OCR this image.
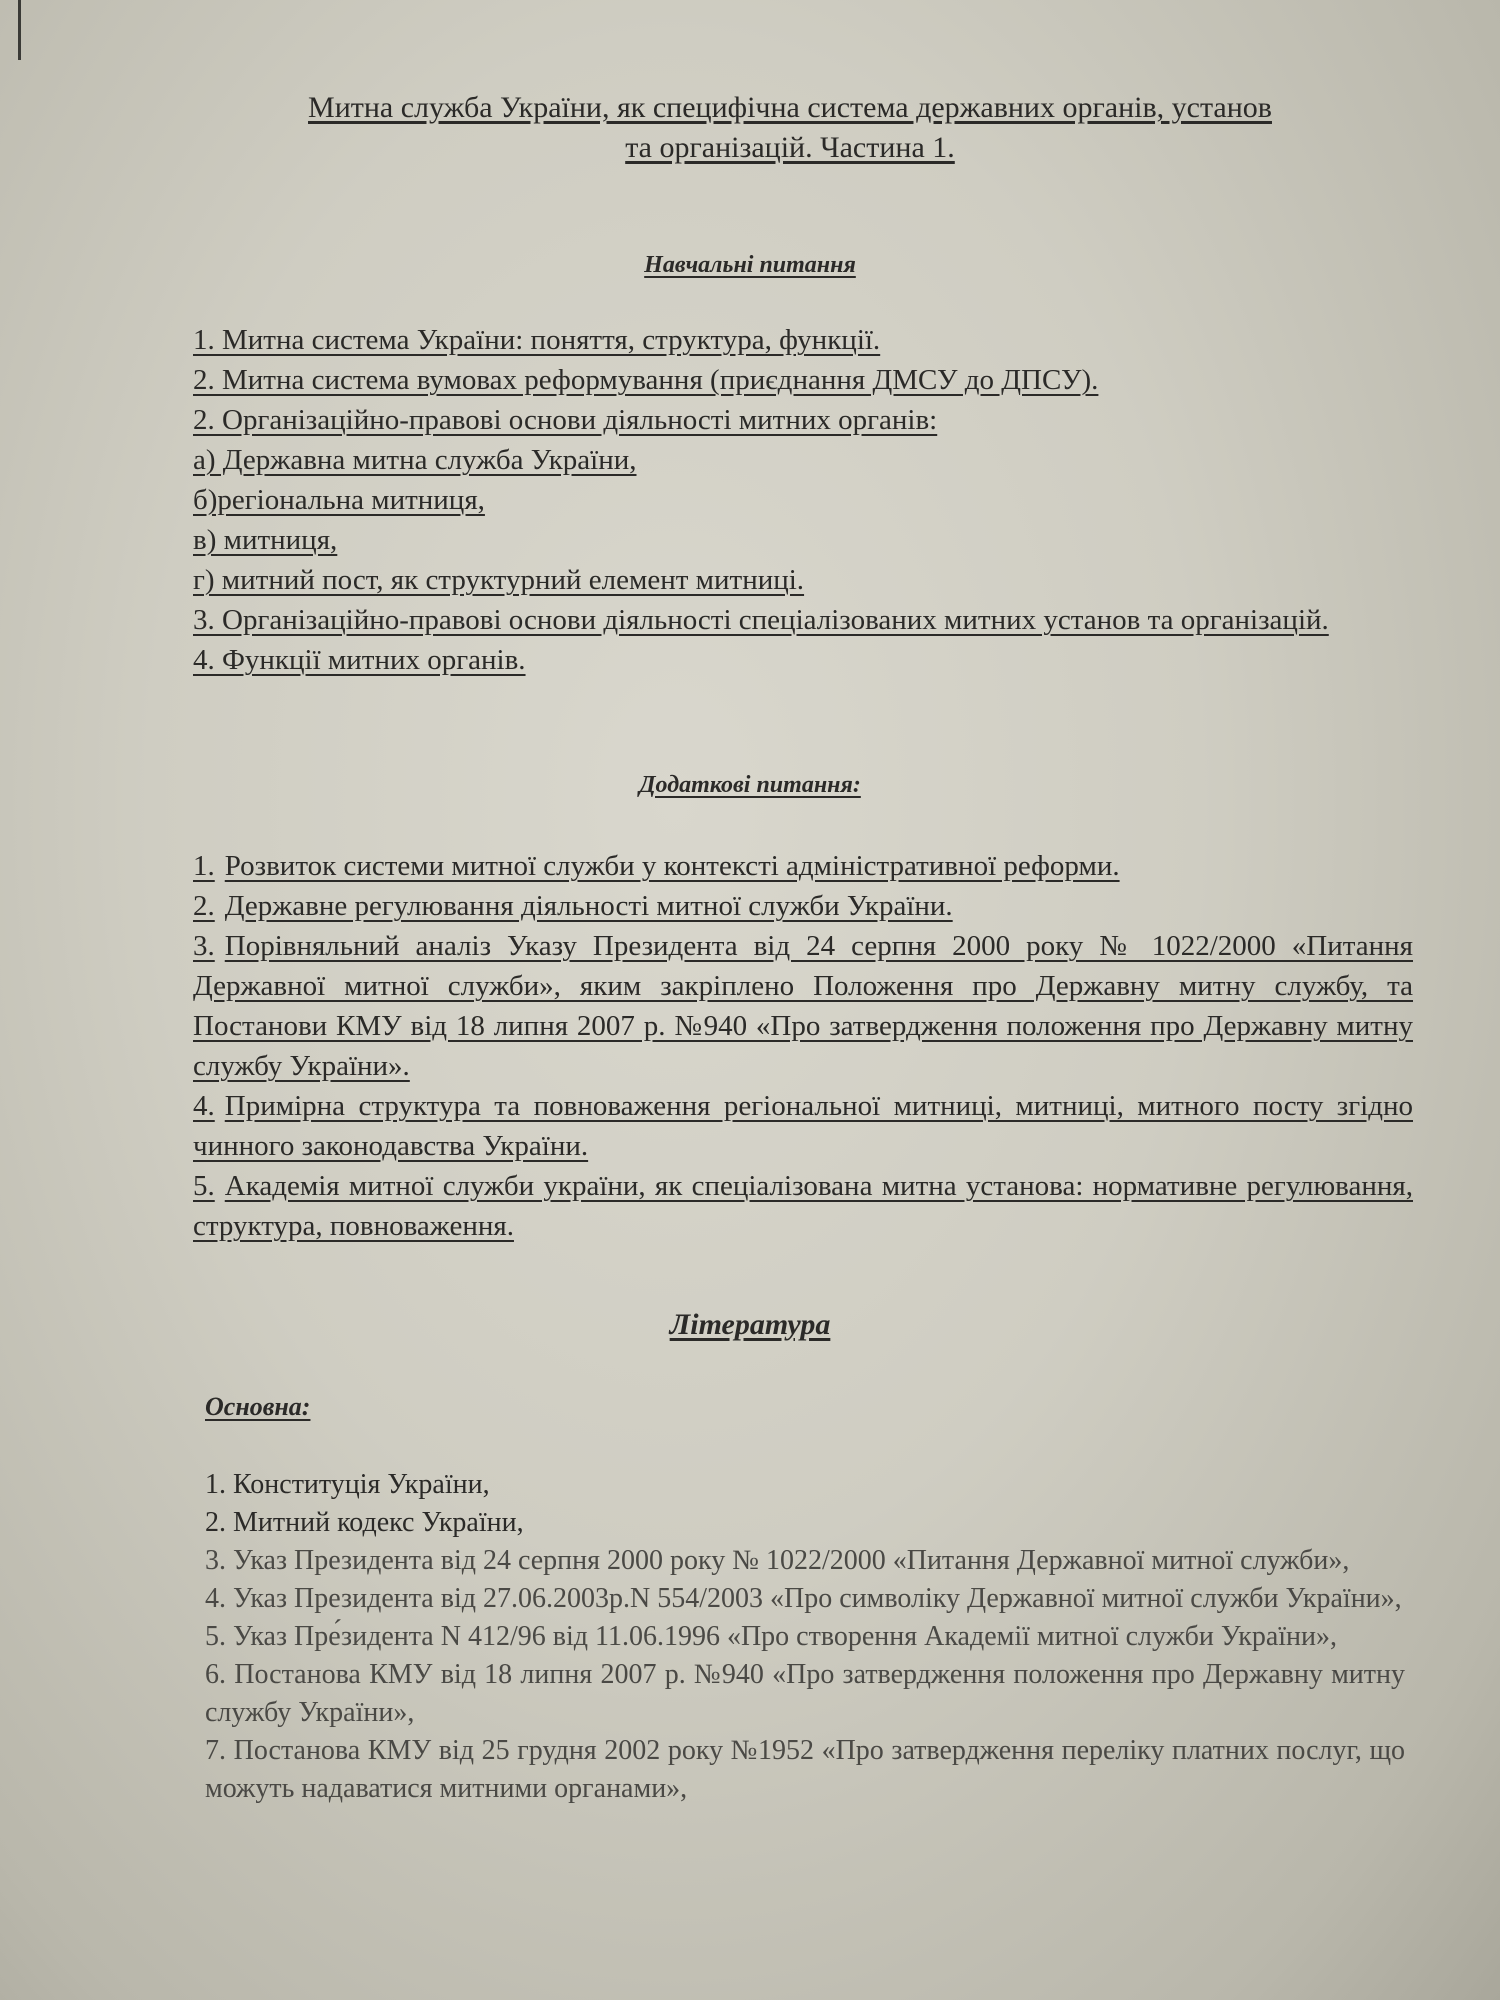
Митна служба України, як специфічна система державних органів, установ
та організацій. Частина 1.
Навчальні питання
1. Митна система України: поняття, структура, функції.
2. Митна система вумовах реформування (приєднання ДМСУ до ДПСУ).
2. Організаційно-правові основи діяльності митних органів:
а) Державна митна служба України,
б)регіональна митниця,
в) митниця,
г) митний пост, як структурний елемент митниці.
3. Організаційно-правові основи діяльності спеціалізованих митних установ та організацій.
4. Функції митних органів.
Додаткові питання:
1. Розвиток системи митної служби у контексті адміністративної реформи.
2. Державне регулювання діяльності митної служби України.
3. Порівняльний аналіз Указу Президента від 24 серпня 2000 року № 1022/2000 «Питання Державної митної служби», яким закріплено Положення про Державну митну службу, та Постанови КМУ від 18 липня 2007 р. №940 «Про затвердження положення про Державну митну службу України».
4. Примірна структура та повноваження регіональної митниці, митниці, митного посту згідно чинного законодавства України.
5. Академія митної служби україни, як спеціалізована митна установа: нормативне регулювання, структура, повноваження.
Література
Основна:
1. Конституція України,
2. Митний кодекс України,
3. Указ Президента від 24 серпня 2000 року № 1022/2000 «Питання Державної митної служби»,
4. Указ Президента від 27.06.2003р.N 554/2003 «Про символіку Державної митної служби України»,
5. Указ Пре́зидента N 412/96 від 11.06.1996 «Про створення Академії митної служби України»,
6. Постанова КМУ від 18 липня 2007 р. №940 «Про затвердження положення про Державну митну службу України»,
7. Постанова КМУ від 25 грудня 2002 року №1952 «Про затвердження переліку платних послуг, що можуть надаватися митними органами»,
